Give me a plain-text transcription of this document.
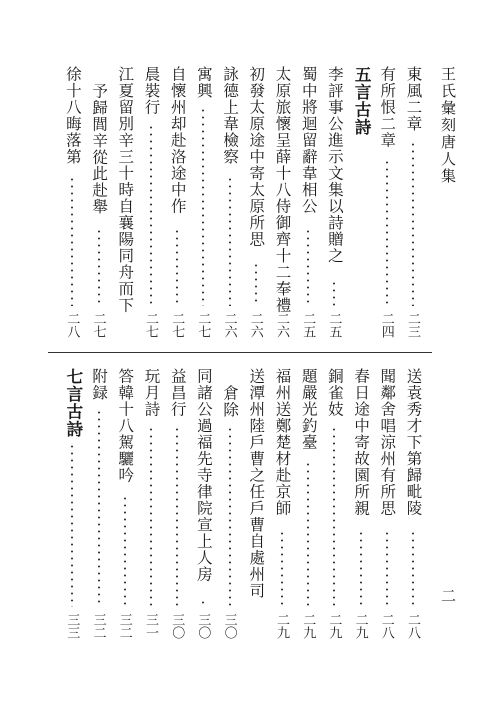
王氏彙刻唐人集
二
東風二章
二三
有所恨二章
二四
五言古詩
李評事公進示文集以詩贈之
二五
蜀中將迴留辭韋相公
二五
太原旅懷呈薛十八侍御齊十二奉禮
二六
初發太原途中寄太原所思
二六
詠德上韋檢察
二六
寓興
二七
自懷州却赴洛途中作
二七
晨裝行
二七
江夏留別辛三十時自襄陽同舟而下
予歸閭辛從此赴舉
二七
徐十八晦落第
二八
送袁秀才下第歸毗陵
二八
聞鄰舍唱涼州有所思
二八
春日途中寄故園所親
二九
銅雀妓
二九
題嚴光釣臺
二九
福州送鄭楚材赴京師
二九
送潭州陸戶曹之任戶曹自處州司
倉除
三〇
同諸公過福先寺律院宣上人房
三〇
益昌行
三〇
玩月詩
三一
答韓十八駕驪吟
三二
附録
三二
七言古詩
三三
